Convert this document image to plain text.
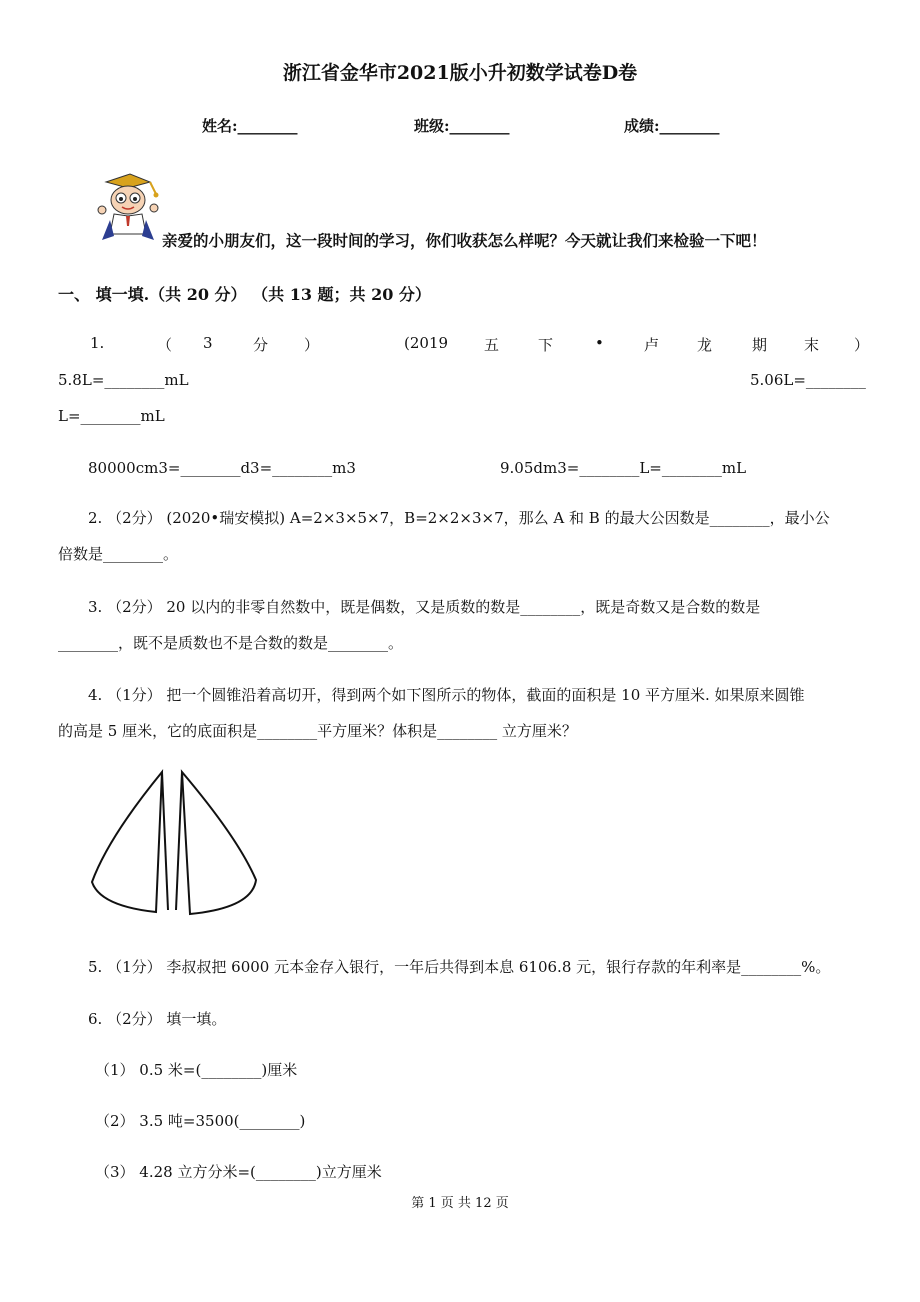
浙江省金华市2021版小升初数学试卷D卷
姓名:________	班级:________	成绩:________
亲爱的小朋友们，这一段时间的学习，你们收获怎么样呢？今天就让我们来检验一下吧！
一、 填一填.（共 20 分） （共 13 题；共 20 分）
1.	（ 3	分 ）	(2019 五	下	•	卢	龙	期 末 ）
5.8L=________mL	5.06L=________
L=________mL
80000cm3=________d3=________m3	9.05dm3=________L=________mL
2. （2分） (2020•瑞安模拟) A=2×3×5×7，B=2×2×3×7，那么 A 和 B 的最大公因数是________，最小公
倍数是________。
3. （2分） 20 以内的非零自然数中，既是偶数，又是质数的数是________，既是奇数又是合数的数是
________，既不是质数也不是合数的数是________。
4. （1分） 把一个圆锥沿着高切开，得到两个如下图所示的物体，截面的面积是 10 平方厘米. 如果原来圆锥
的高是 5 厘米，它的底面积是________平方厘米？体积是________ 立方厘米？
5. （1分） 李叔叔把 6000 元本金存入银行，一年后共得到本息 6106.8 元，银行存款的年利率是________%。
6. （2分） 填一填。
（1） 0.5 米=(________)厘米
（2） 3.5 吨=3500(________)
（3） 4.28 立方分米=(________)立方厘米
第 1 页 共 12 页
